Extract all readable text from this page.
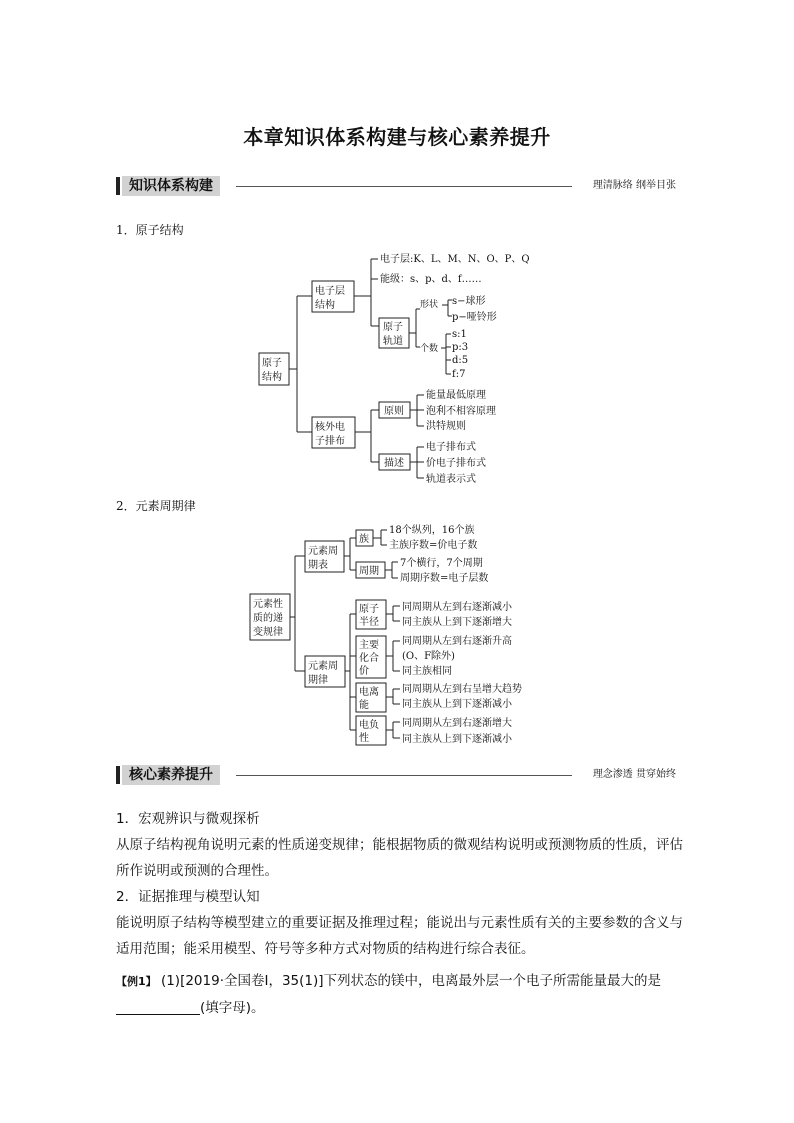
本章知识体系构建与核心素养提升
知识体系构建	理清脉络 纲举目张
1．原子结构
原子
结构
电子层
结构
电子层:K、L、M、N、O、P、Q
能级：s、p、d、f……
原子
轨道
形状 s−球形
p−哑铃形
个数
s:1
p:3
d:5
f:7
核外电
子排布
原则
能量最低原理
泡利不相容原理
洪特规则
描述
电子排布式
价电子排布式
轨道表示式
元素性
质的递
变规律
元素周
期表
族
18个纵列，16个族
主族序数=价电子数
周期
7个横行，7个周期
周期序数=电子层数
元素周
期律
原子
半径
同周期从左到右逐渐减小
同主族从上到下逐渐增大
主要
化合
价
同周期从左到右逐渐升高
(O、F除外)
同主族相同
电离
能
同周期从左到右呈增大趋势
同主族从上到下逐渐减小
电负
性
同周期从左到右逐渐增大
同主族从上到下逐渐减小
2．元素周期律
核心素养提升	理念渗透 贯穿始终
1．宏观辨识与微观探析
从原子结构视角说明元素的性质递变规律；能根据物质的微观结构说明或预测物质的性质，评估所作说明或预测的合理性。
2．证据推理与模型认知
能说明原子结构等模型建立的重要证据及推理过程；能说出与元素性质有关的主要参数的含义与适用范围；能采用模型、符号等多种方式对物质的结构进行综合表征。
【例1】 (1)[2019·全国卷Ⅰ，35(1)]下列状态的镁中，电离最外层一个电子所需能量最大的是
(填字母)。
